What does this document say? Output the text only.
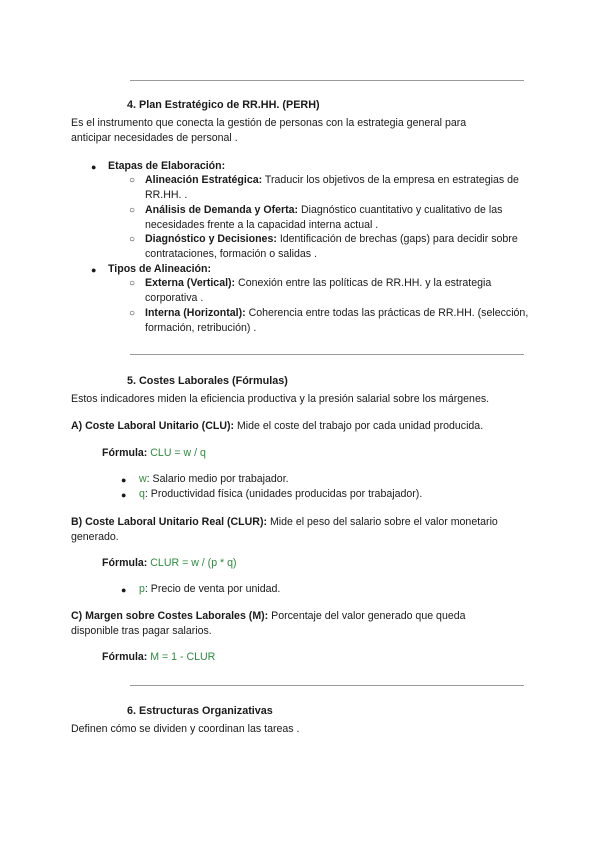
4. Plan Estratégico de RR.HH. (PERH)
Es el instrumento que conecta la gestión de personas con la estrategia general para anticipar necesidades de personal .
● Etapas de Elaboración:
○ Alineación Estratégica: Traducir los objetivos de la empresa en estrategias de RR.HH. .
○ Análisis de Demanda y Oferta: Diagnóstico cuantitativo y cualitativo de las necesidades frente a la capacidad interna actual .
○ Diagnóstico y Decisiones: Identificación de brechas (gaps) para decidir sobre contrataciones, formación o salidas .
● Tipos de Alineación:
○ Externa (Vertical): Conexión entre las políticas de RR.HH. y la estrategia corporativa .
○ Interna (Horizontal): Coherencia entre todas las prácticas de RR.HH. (selección, formación, retribución) .
5. Costes Laborales (Fórmulas)
Estos indicadores miden la eficiencia productiva y la presión salarial sobre los márgenes.
A) Coste Laboral Unitario (CLU): Mide el coste del trabajo por cada unidad producida.
Fórmula: CLU = w / q
● w: Salario medio por trabajador.
● q: Productividad física (unidades producidas por trabajador).
B) Coste Laboral Unitario Real (CLUR): Mide el peso del salario sobre el valor monetario generado.
Fórmula: CLUR = w / (p * q)
● p: Precio de venta por unidad.
C) Margen sobre Costes Laborales (M): Porcentaje del valor generado que queda disponible tras pagar salarios.
Fórmula: M = 1 - CLUR
6. Estructuras Organizativas
Definen cómo se dividen y coordinan las tareas .
